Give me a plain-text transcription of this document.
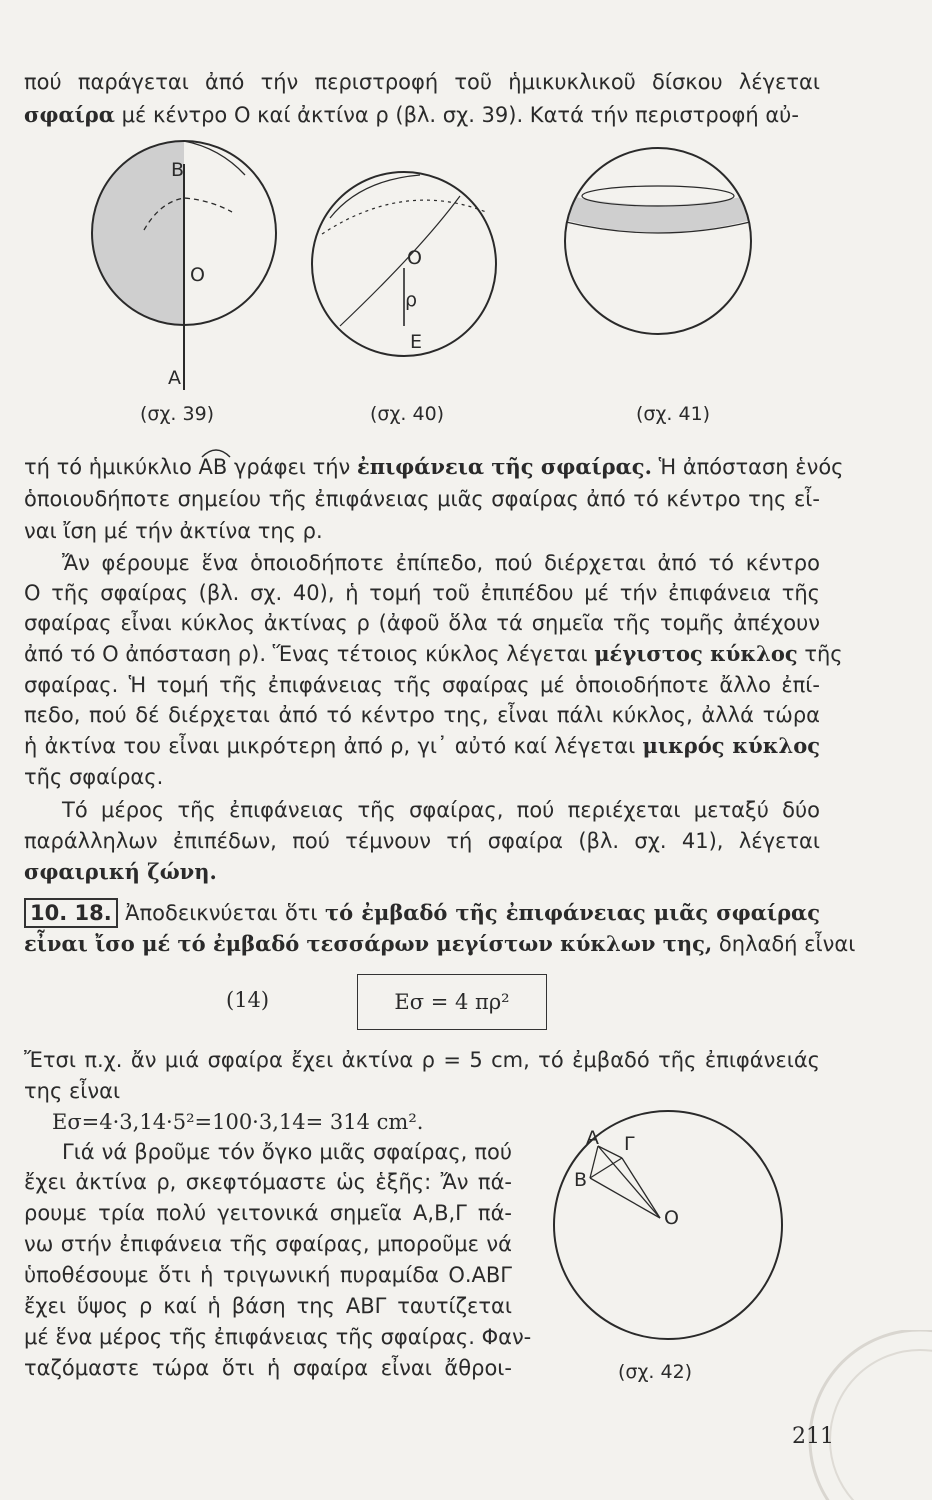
πού παράγεται ἀπό τήν περιστροφή τοῦ ἡμικυκλικοῦ δίσκου λέγεται
σφαίρα μέ κέντρο Ο καί ἀκτίνα ρ (βλ. σχ. 39). Κατά τήν περιστροφή αὐ-
B
O
A
(σχ. 39)
O
ρ
E
(σχ. 40)	(σχ. 41)
τή τό ἡμικύκλιο AB
γράφει τήν ἐπιφάνεια τῆς σφαίρας. Ἡ ἀπόσταση ἑνός
ὁποιουδήποτε σημείου τῆς ἐπιφάνειας μιᾶς σφαίρας ἀπό τό κέντρο της εἶ-
ναι ἴση μέ τήν ἀκτίνα της ρ.
Ἄν φέρουμε ἕνα ὁποιοδήποτε ἐπίπεδο, πού διέρχεται ἀπό τό κέντρο
Ο τῆς σφαίρας (βλ. σχ. 40), ἡ τομή τοῦ ἐπιπέδου μέ τήν ἐπιφάνεια τῆς
σφαίρας εἶναι κύκλος ἀκτίνας ρ (ἀφοῦ ὅλα τά σημεῖα τῆς τομῆς ἀπέχουν
ἀπό τό Ο ἀπόσταση ρ). Ἕνας τέτοιος κύκλος λέγεται μέγιστος κύκλος τῆς
σφαίρας. Ἡ τομή τῆς ἐπιφάνειας τῆς σφαίρας μέ ὁποιοδήποτε ἄλλο ἐπί-
πεδο, πού δέ διέρχεται ἀπό τό κέντρο της, εἶναι πάλι κύκλος, ἀλλά τώρα
ἡ ἀκτίνα του εἶναι μικρότερη ἀπό ρ, γι᾽ αὐτό καί λέγεται μικρός κύκλος
τῆς σφαίρας.
Τό μέρος τῆς ἐπιφάνειας τῆς σφαίρας, πού περιέχεται μεταξύ δύο
παράλληλων ἐπιπέδων, πού τέμνουν τή σφαίρα (βλ. σχ. 41), λέγεται
σφαιρική ζώνη.
10. 18. Ἀποδεικνύεται ὅτι τό ἐμβαδό τῆς ἐπιφάνειας μιᾶς σφαίρας
εἶναι ἴσο μέ τό ἐμβαδό τεσσάρων μεγίστων κύκλων της, δηλαδή εἶναι
(14)	Eσ = 4 πρ²
Ἔτσι π.χ. ἄν μιά σφαίρα ἔχει ἀκτίνα ρ = 5 cm, τό ἐμβαδό τῆς ἐπιφάνειάς
της εἶναι
Eσ=4·3,14·5²=100·3,14= 314 cm².
Γιά νά βροῦμε τόν ὄγκο μιᾶς σφαίρας, πού
ἔχει ἀκτίνα ρ, σκεφτόμαστε ὡς ἑξῆς: Ἄν πά-
ρουμε τρία πολύ γειτονικά σημεῖα Α,Β,Γ πά-
νω στήν ἐπιφάνεια τῆς σφαίρας, μποροῦμε νά
ὑποθέσουμε ὅτι ἡ τριγωνική πυραμίδα Ο.ΑΒΓ
ἔχει ὕψος ρ καί ἡ βάση της ΑΒΓ ταυτίζεται
μέ ἕνα μέρος τῆς ἐπιφάνειας τῆς σφαίρας. Φαν-
ταζόμαστε τώρα ὅτι ἡ σφαίρα εἶναι ἄθροι-
A Γ
B
O
(σχ. 42)
211
